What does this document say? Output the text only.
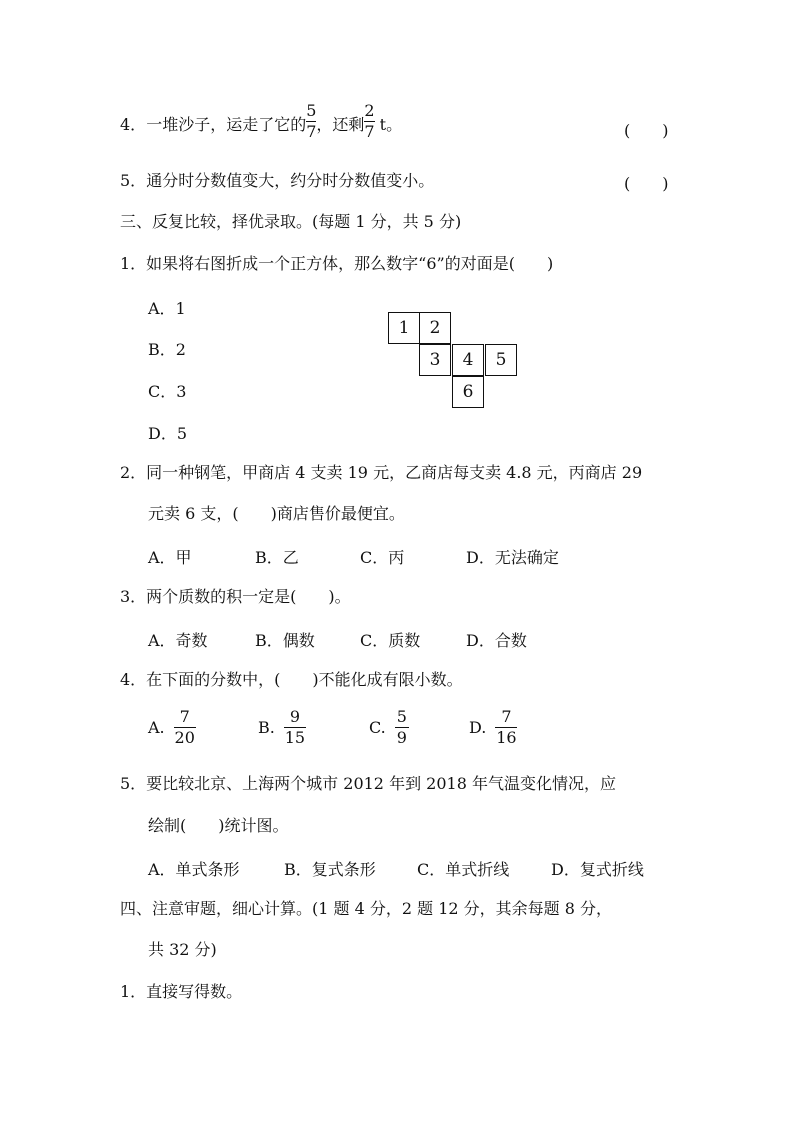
4．一堆沙子，运走了它的 $\frac{5}{7}$ ，还剩 $\frac{2}{7}$ t。	(　　)
5．通分时分数值变大，约分时分数值变小。	(　　)
三、反复比较，择优录取。(每题 1 分，共 5 分)
1．如果将右图折成一个正方体，那么数字“6”的对面是(　　)
A．1
B．2
C．3
D．5
1	2
3	4	5
6
2．同一种钢笔，甲商店 4 支卖 19 元，乙商店每支卖 4.8 元，丙商店 29
元卖 6 支，(　　)商店售价最便宜。
A．甲	B．乙	C．丙	D．无法确定
3．两个质数的积一定是(　　)。
A．奇数	B．偶数	C．质数	D．合数
4．在下面的分数中，(　　)不能化成有限小数。
A. $\frac{7}{20}$	B. $\frac{9}{15}$	C. $\frac{5}{9}$	D. $\frac{7}{16}$
5．要比较北京、上海两个城市 2012 年到 2018 年气温变化情况，应
绘制(　　)统计图。
A．单式条形	B．复式条形	C．单式折线	D．复式折线
四、注意审题，细心计算。(1 题 4 分，2 题 12 分，其余每题 8 分，
共 32 分)
1．直接写得数。
